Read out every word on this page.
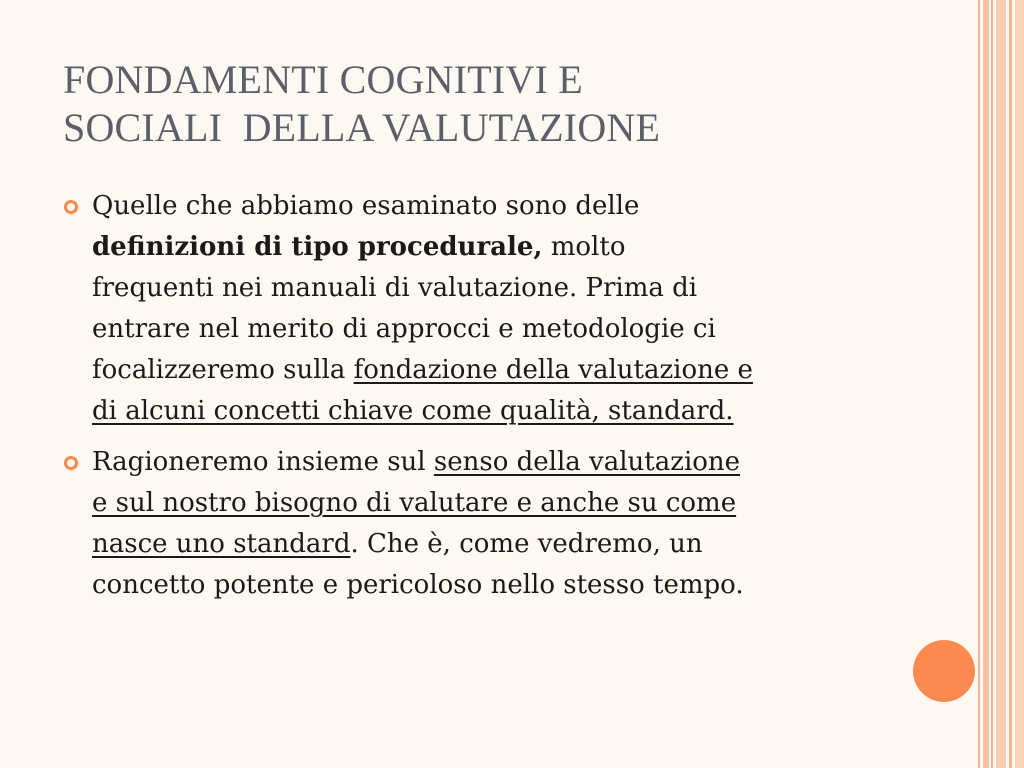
FONDAMENTI COGNITIVI E
SOCIALI  DELLA VALUTAZIONE
Quelle che abbiamo esaminato sono delle
definizioni di tipo procedurale, molto
frequenti nei manuali di valutazione. Prima di
entrare nel merito di approcci e metodologie ci
focalizzeremo sulla fondazione della valutazione e
di alcuni concetti chiave come qualità, standard.
Ragioneremo insieme sul senso della valutazione
e sul nostro bisogno di valutare e anche su come
nasce uno standard. Che è, come vedremo, un
concetto potente e pericoloso nello stesso tempo.
